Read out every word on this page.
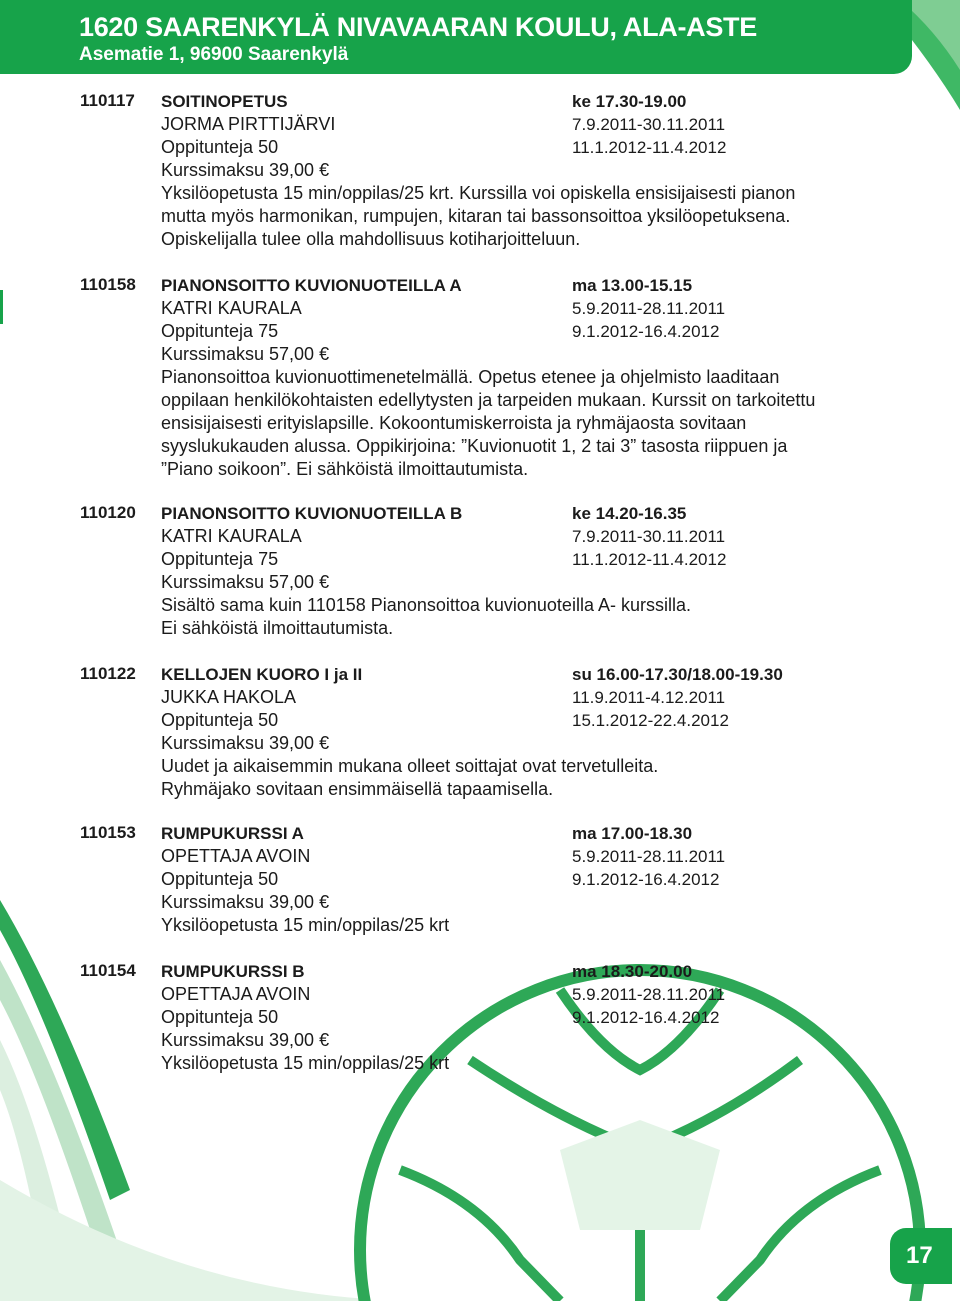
1620 SAARENKYLÄ NIVAVAARAN KOULU, ALA-ASTE
Asematie 1, 96900 Saarenkylä
110117 SOITINOPETUS	ke 17.30-19.00
JORMA PIRTTIJÄRVI	7.9.2011-30.11.2011
Oppitunteja 50	11.1.2012-11.4.2012
Kurssimaksu 39,00 €
Yksilöopetusta 15 min/oppilas/25 krt. Kurssilla voi opiskella ensisijaisesti pianon
mutta myös harmonikan, rumpujen, kitaran tai bassonsoittoa yksilöopetuksena.
Opiskelijalla tulee olla mahdollisuus kotiharjoitteluun.
110158 PIANONSOITTO KUVIONUOTEILLA A	ma 13.00-15.15
KATRI KAURALA	5.9.2011-28.11.2011
Oppitunteja 75	9.1.2012-16.4.2012
Kurssimaksu 57,00 €
Pianonsoittoa kuvionuottimenetelmällä. Opetus etenee ja ohjelmisto laaditaan
oppilaan henkilökohtaisten edellytysten ja tarpeiden mukaan. Kurssit on tarkoitettu
ensisijaisesti erityislapsille. Kokoontumiskerroista ja ryhmäjaosta sovitaan
syyslukukauden alussa. Oppikirjoina: ”Kuvionuotit 1, 2 tai 3” tasosta riippuen ja
”Piano soikoon”. Ei sähköistä ilmoittautumista.
110120 PIANONSOITTO KUVIONUOTEILLA B	ke 14.20-16.35
KATRI KAURALA	7.9.2011-30.11.2011
Oppitunteja 75	11.1.2012-11.4.2012
Kurssimaksu 57,00 €
Sisältö sama kuin 110158 Pianonsoittoa kuvionuoteilla A- kurssilla.
Ei sähköistä ilmoittautumista.
110122 KELLOJEN KUORO I ja II	su 16.00-17.30/18.00-19.30
JUKKA HAKOLA	11.9.2011-4.12.2011
Oppitunteja 50	15.1.2012-22.4.2012
Kurssimaksu 39,00 €
Uudet ja aikaisemmin mukana olleet soittajat ovat tervetulleita.
Ryhmäjako sovitaan ensimmäisellä tapaamisella.
110153 RUMPUKURSSI A	ma 17.00-18.30
OPETTAJA AVOIN	5.9.2011-28.11.2011
Oppitunteja 50	9.1.2012-16.4.2012
Kurssimaksu 39,00 €
Yksilöopetusta 15 min/oppilas/25 krt
110154 RUMPUKURSSI B	ma 18.30-20.00
OPETTAJA AVOIN	5.9.2011-28.11.2011
Oppitunteja 50	9.1.2012-16.4.2012
Kurssimaksu 39,00 €
Yksilöopetusta 15 min/oppilas/25 krt
17
